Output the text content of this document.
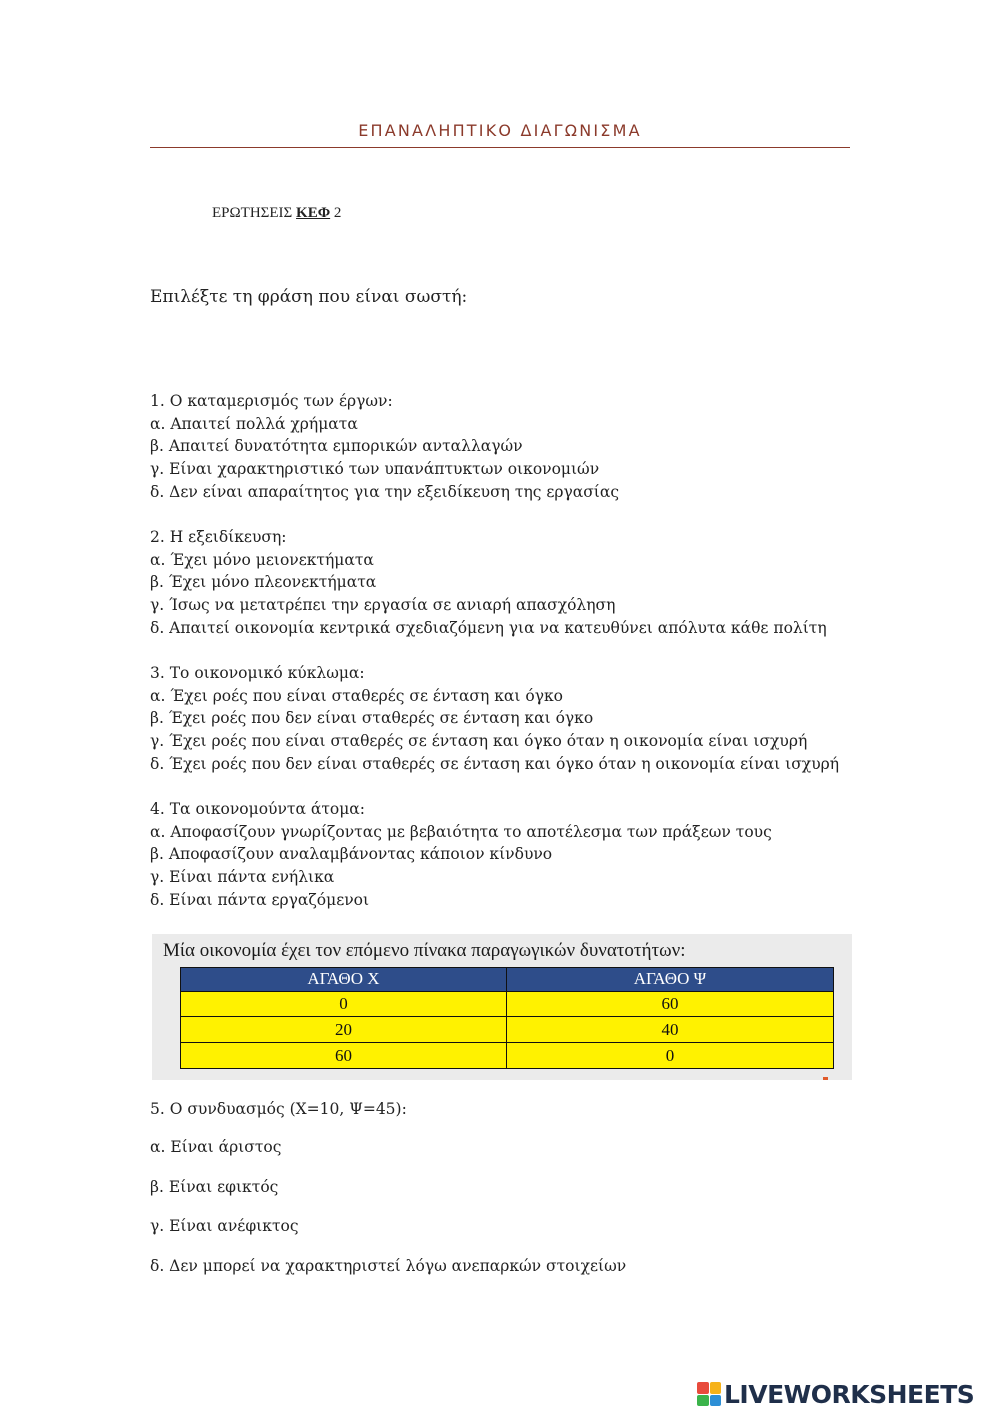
ΕΠΑΝΑΛΗΠΤΙΚΟ ΔΙΑΓΩΝΙΣΜΑ
ΕΡΩΤΗΣΕΙΣ ΚΕΦ 2
Επιλέξτε τη φράση που είναι σωστή:
1. Ο καταμερισμός των έργων:
α. Απαιτεί πολλά χρήματα
β. Απαιτεί δυνατότητα εμπορικών ανταλλαγών
γ. Είναι χαρακτηριστικό των υπανάπτυκτων οικονομιών
δ. Δεν είναι απαραίτητος για την εξειδίκευση της εργασίας
2. Η εξειδίκευση:
α. Έχει μόνο μειονεκτήματα
β. Έχει μόνο πλεονεκτήματα
γ. Ίσως να μετατρέπει την εργασία σε ανιαρή απασχόληση
δ. Απαιτεί οικονομία κεντρικά σχεδιαζόμενη για να κατευθύνει απόλυτα κάθε πολίτη
3. Το οικονομικό κύκλωμα:
α. Έχει ροές που είναι σταθερές σε ένταση και όγκο
β. Έχει ροές που δεν είναι σταθερές σε ένταση και όγκο
γ. Έχει ροές που είναι σταθερές σε ένταση και όγκο όταν η οικονομία είναι ισχυρή
δ. Έχει ροές που δεν είναι σταθερές σε ένταση και όγκο όταν η οικονομία είναι ισχυρή
4. Τα οικονομούντα άτομα:
α. Αποφασίζουν γνωρίζοντας με βεβαιότητα το αποτέλεσμα των πράξεων τους
β. Αποφασίζουν αναλαμβάνοντας κάποιον κίνδυνο
γ. Είναι πάντα ενήλικα
δ. Είναι πάντα εργαζόμενοι
Μία οικονομία έχει τον επόμενο πίνακα παραγωγικών δυνατοτήτων:
ΑΓΑΘΟ Χ	ΑΓΑΘΟ Ψ
0	60
20	40
60	0
5. Ο συνδυασμός (Χ=10, Ψ=45):
α. Είναι άριστος
β. Είναι εφικτός
γ. Είναι ανέφικτος
δ. Δεν μπορεί να χαρακτηριστεί λόγω ανεπαρκών στοιχείων
LIVEWORKSHEETS
